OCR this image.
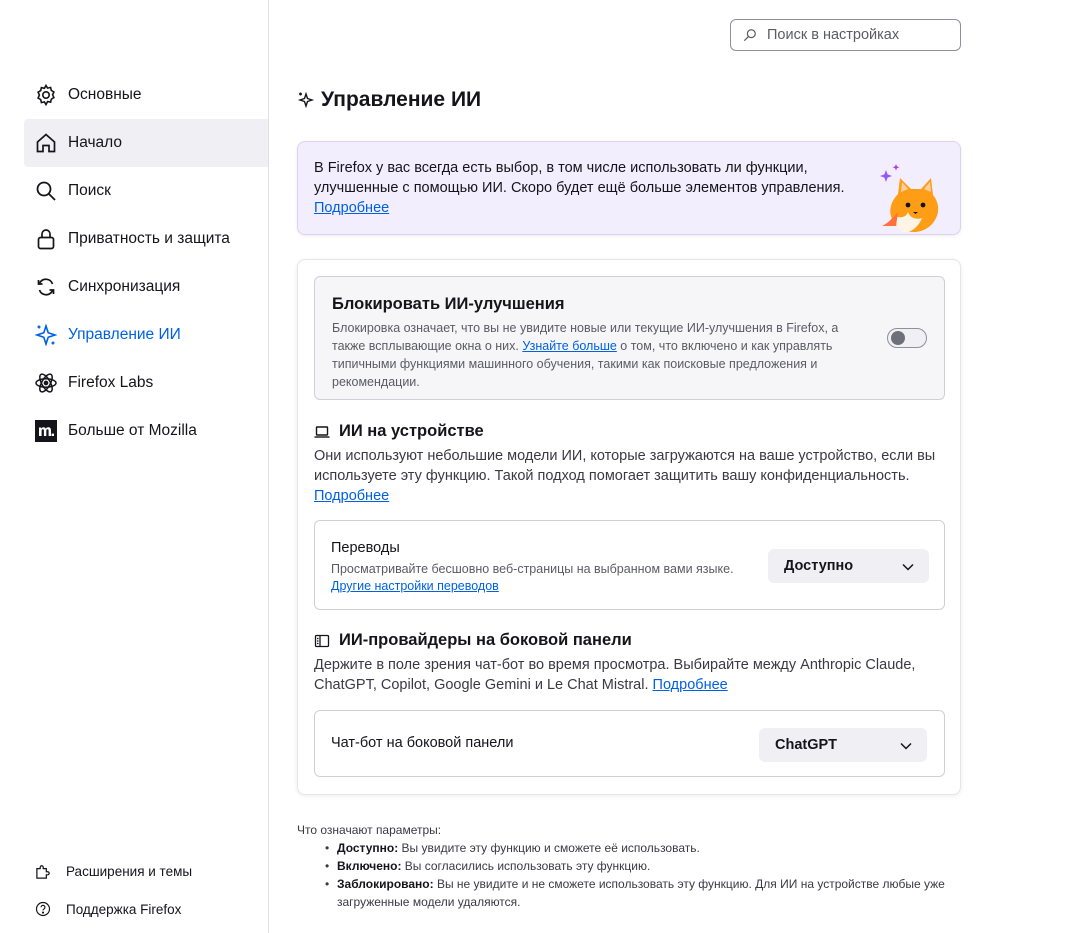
Основные
Начало
Поиск
Приватность и защита
Синхронизация
Управление ИИ
Firefox Labs
Больше от Mozilla
Расширения и темы
Поддержка Firefox
Поиск в настройках
Управление ИИ
В Firefox у вас всегда есть выбор, в том числе использовать ли функции, улучшенные с помощью ИИ. Скоро будет ещё больше элементов управления.
Подробнее
Блокировать ИИ-улучшения
Блокировка означает, что вы не увидите новые или текущие ИИ-улучшения в Firefox, а также всплывающие окна о них. Узнайте больше о том, что включено и как управлять типичными функциями машинного обучения, такими как поисковые предложения и рекомендации.
ИИ на устройстве
Они используют небольшие модели ИИ, которые загружаются на ваше устройство, если вы используете эту функцию. Такой подход помогает защитить вашу конфиденциальность. Подробнее
Переводы
Просматривайте бесшовно веб-страницы на выбранном вами языке.
Другие настройки переводов
Доступно
ИИ-провайдеры на боковой панели
Держите в поле зрения чат-бот во время просмотра. Выбирайте между Anthropic Claude, ChatGPT, Copilot, Google Gemini и Le Chat Mistral. Подробнее
Чат-бот на боковой панели	ChatGPT
Что означают параметры:
• Доступно: Вы увидите эту функцию и сможете её использовать.
• Включено: Вы согласились использовать эту функцию.
• Заблокировано: Вы не увидите и не сможете использовать эту функцию. Для ИИ на устройстве любые уже загруженные модели удаляются.
